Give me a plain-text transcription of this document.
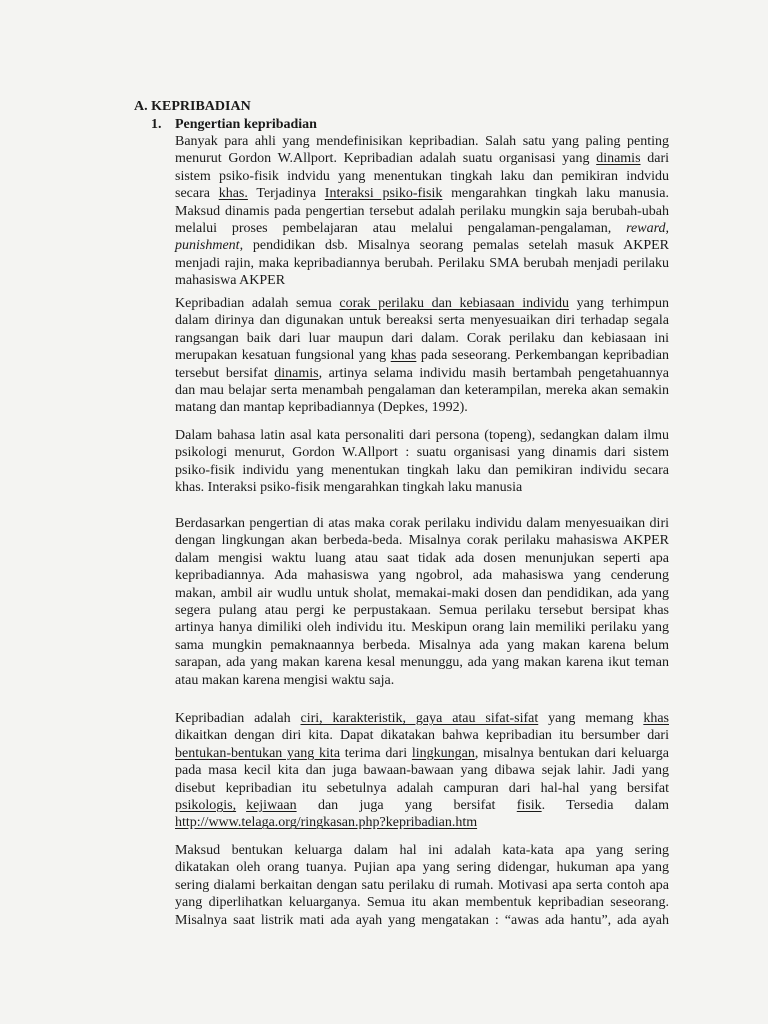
A. KEPRIBADIAN
1. Pengertian kepribadian
Banyak para ahli yang mendefinisikan kepribadian. Salah satu yang paling penting
menurut Gordon W.Allport. Kepribadian adalah suatu organisasi yang dinamis dari
sistem psiko-fisik indvidu yang menentukan tingkah laku dan pemikiran indvidu
secara khas. Terjadinya Interaksi psiko-fisik mengarahkan tingkah laku manusia.
Maksud dinamis pada pengertian tersebut adalah perilaku mungkin saja berubah-ubah
melalui proses pembelajaran atau melalui pengalaman-pengalaman, reward,
punishment, pendidikan dsb. Misalnya seorang pemalas setelah masuk AKPER
menjadi rajin, maka kepribadiannya berubah. Perilaku SMA berubah menjadi perilaku
mahasiswa AKPER
Kepribadian adalah semua corak perilaku dan kebiasaan individu yang terhimpun
dalam dirinya dan digunakan untuk bereaksi serta menyesuaikan diri terhadap segala
rangsangan baik dari luar maupun dari dalam. Corak perilaku dan kebiasaan ini
merupakan kesatuan fungsional yang khas pada seseorang. Perkembangan kepribadian
tersebut bersifat dinamis, artinya selama individu masih bertambah pengetahuannya
dan mau belajar serta menambah pengalaman dan keterampilan, mereka akan semakin
matang dan mantap kepribadiannya (Depkes, 1992).
Dalam bahasa latin asal kata personaliti dari persona (topeng), sedangkan dalam ilmu
psikologi menurut, Gordon W.Allport : suatu organisasi yang dinamis dari sistem
psiko-fisik individu yang menentukan tingkah laku dan pemikiran individu secara
khas. Interaksi psiko-fisik mengarahkan tingkah laku manusia
Berdasarkan pengertian di atas maka corak perilaku individu dalam menyesuaikan diri
dengan lingkungan akan berbeda-beda. Misalnya corak perilaku mahasiswa AKPER
dalam mengisi waktu luang atau saat tidak ada dosen menunjukan seperti apa
kepribadiannya. Ada mahasiswa yang ngobrol, ada mahasiswa yang cenderung
makan, ambil air wudlu untuk sholat, memakai-maki dosen dan pendidikan, ada yang
segera pulang atau pergi ke perpustakaan. Semua perilaku tersebut bersipat khas
artinya hanya dimiliki oleh individu itu. Meskipun orang lain memiliki perilaku yang
sama mungkin pemaknaannya berbeda. Misalnya ada yang makan karena belum
sarapan, ada yang makan karena kesal menunggu, ada yang makan karena ikut teman
atau makan karena mengisi waktu saja.
Kepribadian adalah ciri, karakteristik, gaya atau sifat-sifat yang memang khas
dikaitkan dengan diri kita. Dapat dikatakan bahwa kepribadian itu bersumber dari
bentukan-bentukan yang kita terima dari lingkungan, misalnya bentukan dari keluarga
pada masa kecil kita dan juga bawaan-bawaan yang dibawa sejak lahir. Jadi yang
disebut kepribadian itu sebetulnya adalah campuran dari hal-hal yang bersifat
psikologis, kejiwaan dan juga yang bersifat fisik. Tersedia dalam
http://www.telaga.org/ringkasan.php?kepribadian.htm
Maksud bentukan keluarga dalam hal ini adalah kata-kata apa yang sering
dikatakan oleh orang tuanya. Pujian apa yang sering didengar, hukuman apa yang
sering dialami berkaitan dengan satu perilaku di rumah. Motivasi apa serta contoh apa
yang diperlihatkan keluarganya. Semua itu akan membentuk kepribadian seseorang.
Misalnya saat listrik mati ada ayah yang mengatakan : “awas ada hantu”, ada ayah
